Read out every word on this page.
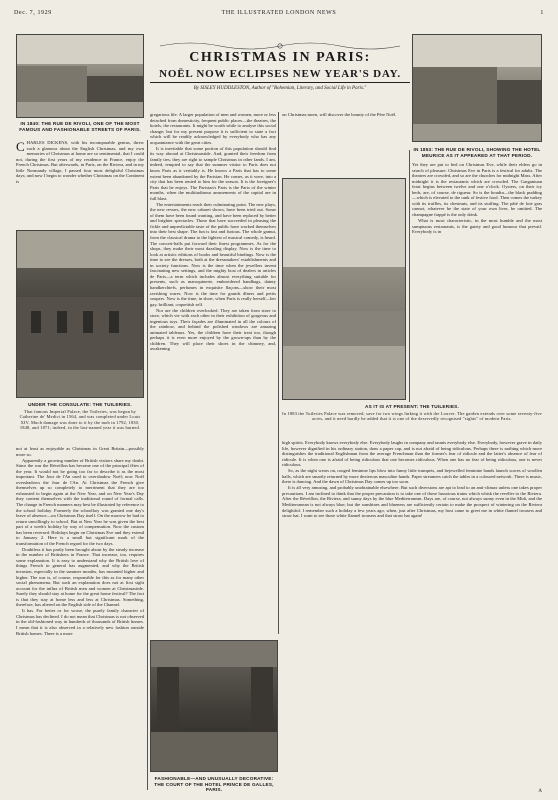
Dec. 7, 1929	THE ILLUSTRATED LONDON NEWS	1
IN 1840: THE RUE DE RIVOLI, ONE OF THE MOST FAMOUS AND FASHIONABLE STREETS OF PARIS.
CHRISTMAS IN PARIS:
NOËL NOW ECLIPSES NEW YEAR'S DAY.
By SISLEY HUDDLESTON, Author of "Bohemian, Literary, and Social Life in Paris."
IN 1853: THE RUE DE RIVOLI, SHOWING THE HOTEL MEURICE AS IT APPEARED AT THAT PERIOD.

CHARLES DICKENS, with his incomparable genius, threw such a glamour about the English Christmas, and my own memories of Christmas at home are so sentimental, that I could not, during the first years of my residence in France, enjoy the French Christmas. But afterwards, in Paris, on the Riviera, and in my little Normandy village, I passed four most delightful Christmas days; and now I begin to wonder whether Christmas on the Continent is

UNDER THE CONSULATE: THE TUILERIES.
That famous Imperial Palace, the Tuileries, was begun by Catherine de' Medici in 1564, and was completed under Louis XIV. Much damage was done to it by the mob in 1792, 1830, 1848, and 1871; indeed, in the last-named year it was burned.

not at least as enjoyable as Christmas in Great Britain—possibly more so.

Apparently a growing number of British visitors share my doubt. Since the war the Réveillon has become one of the principal fêtes of the year. It would not be going too far to describe it as the most important. The Jour de l'An used to overshadow Noël; now Noël overshadows the Jour de l'An. At Christmas the French give themselves up so completely to merriment that they are too exhausted to begin again at the New Year, and on New Year's Day they content themselves with the traditional round of formal calls. The change in French manners may best be illustrated by reference to the school holiday. Formerly the schoolboy was granted one day's leave of absence—on Christmas Day itself. On the morrow he had to return unwillingly to school. But at New Year he was given the best part of a week's holiday by way of compensation. Now the custom has been reversed. Holidays begin on Christmas Eve and they extend to January 2. Here is a small but significant mark of the transformation of the French regard for the two days.

Doubtless it has partly been brought about by the steady increase in the number of Britishers in France. That increase, too, requires some explanation. It is easy to understand why the British love of things French in general has augmented, and why the British invasion, especially in the summer months, has mounted higher and higher. The war is, of course, responsible for this as for many other social phenomena. But such an explanation does not at first sight account for the influx of British men and women at Christmastide. Surely they should stay at home for the great home festival? The fact is that they stay at home less and less at Christmas. Something, therefore, has altered on the English side of the Channel.

It has. For better or for worse, the purely family character of Christmas has declined. I do not mean that Christmas is not observed in the old-fashioned way in hundreds of thousands of British homes. I mean that it is also observed in a relatively new fashion outside British homes. There is a more

gregarious life. A larger population of men and women, more or less detached from domesticity, frequent public places—the theatres, the hotels, the restaurants. It might be worth while to analyse this social change; but for my present purpose it is sufficient to state a fact which will be readily acknowledged by everybody who has any acquaintance with the great cities.

It is inevitable that some portion of this population should find its way abroad at Christmastide. And, granted their freedom from family ties, they are right to sample Christmas in other lands. I am, indeed, tempted to say that the summer visitor to Paris does not know Paris as it veritably is. He knows a Paris that has to some extent been abandoned by the Parisian. He comes, as it were, into a city that has been rented to him for the season. It is the foreigner's Paris that he enjoys. The Parisian's Paris is the Paris of the winter months, when the multitudinous amusements of the capital are in full blast.

The entertainments reach their culminating point. The new plays, the new revues, the new cabaret shows, have been tried out. Some of them have been found wanting, and have been replaced by better and brighter spectacles. Those that have succeeded in pleasing the fickle and unpredictable taste of the public have worked themselves into their best shape. The fun is fast and furious. The whole gamut, from the classical drama to the lightest of musical comedy, is heard. The concert-halls put forward their finest programmes. As for the shops, they make their most dazzling display. Now is the time to look at artistic editions of books and beautiful bindings. Now is the time to see the dresses, both at the dressmakers' establishments and in society functions. Now is the time when the jewellers invent fascinating new settings, and the mighty host of dealers in articles de Paris—a term which includes almost everything suitable for presents, such as maroquinerie, embroidered handbags, dainty handkerchiefs, perfumes in exquisite flaçons—show their most ravishing wares. Now is the time for grands dîners and petits soupers. Now is the time, in short, when Paris is really herself—her gay, brilliant, coquettish self.

Nor are the children overlooked. They are taken from store to store, which vie with each other in their exhibition of gorgeous and ingenious toys. Their façades are illuminated in all the colours of the rainbow, and behind the polished windows are amazing animated tableaux. Yes, the children have their treat too, though perhaps it is even more enjoyed by the grown-ups than by the children. They will place their shoes in the chimney, and, awakening

on Christmas morn, will discover the bounty of the Père Noël.

Yet they are put to bed on Christmas Eve, while their elders go in search of pleasure. Christmas Eve in Paris is a festival for adults. The theatres are crowded, and so are the churches for midnight Mass. After midnight it is the restaurants which are crowded. The Gargantuan feast begins between twelve and one o'clock. Oysters, on their icy beds, are, of course, de rigueur. So is the boudin—the black pudding—which is elevated to the rank of festive food. Then comes the turkey with its truffles, its chestnuts, and its stuffing. The pâté de foie gras cannot, whatever be the state of your own liver, be omitted. The champagne frappé is the only drink.

What is most characteristic, in the most humble and the most sumptuous restaurants, is the gaiety and good humour that prevail. Everybody is in

AS IT IS AT PRESENT: THE TUILERIES.
In 1883 the Tuileries Palace was removed, save for two wings linking it with the Louvre. The garden extends over some seventy-five acres, and it need hardly be added that it is one of the deservedly recognised "sights" of modern Paris.
FASHIONABLE—AND UNUSUALLY DECORATIVE: THE COURT OF THE HOTEL PRINCE DE GALLES, PARIS.

high spirits. Everybody knows everybody else. Everybody laughs in company and taunts everybody else. Everybody, however grave in daily life, however dignified in his ordinary station, dons a paper cap, and is not afraid of being ridiculous. Perhaps there is nothing which more distinguishes the traditional Englishman from the average Frenchman than the former's fear of ridicule and the latter's absence of fear of ridicule. It is when one is afraid of being ridiculous that one becomes ridiculous. When one has no fear of being ridiculous, one is never ridiculous.

So, as the night wears on, rouged feminine lips blow into funny little trumpets, and bejewelled feminine hands launch scores of woollen balls, which are smartly returned by more dexterous masculine hands. Paper streamers catch the tables in a coloured network. There is music, there is dancing. And the dawn of Christmas Day comes up too soon.

It is all very amusing, and probably unobtainable elsewhere. But such diversions are apt to lead to an anti-climax unless one takes proper precautions. I am inclined to think that the proper precaution is to take one of those luxurious trains which whisk the reveller to the Riviera. After the Réveillon, the Riviera, and sunny days by the blue Mediterranean. Days are, of course, not always sunny even in the Midi, and the Mediterranean is not always blue; but the sunshines and blueness are sufficiently certain to make the prospect of wintering on the Riviera delightful. I remember such a holiday a few years ago, when, just after Christmas, my host came to greet me in white flannel trousers and straw hat. I want to see those white flannel trousers and that straw hat again!

A
